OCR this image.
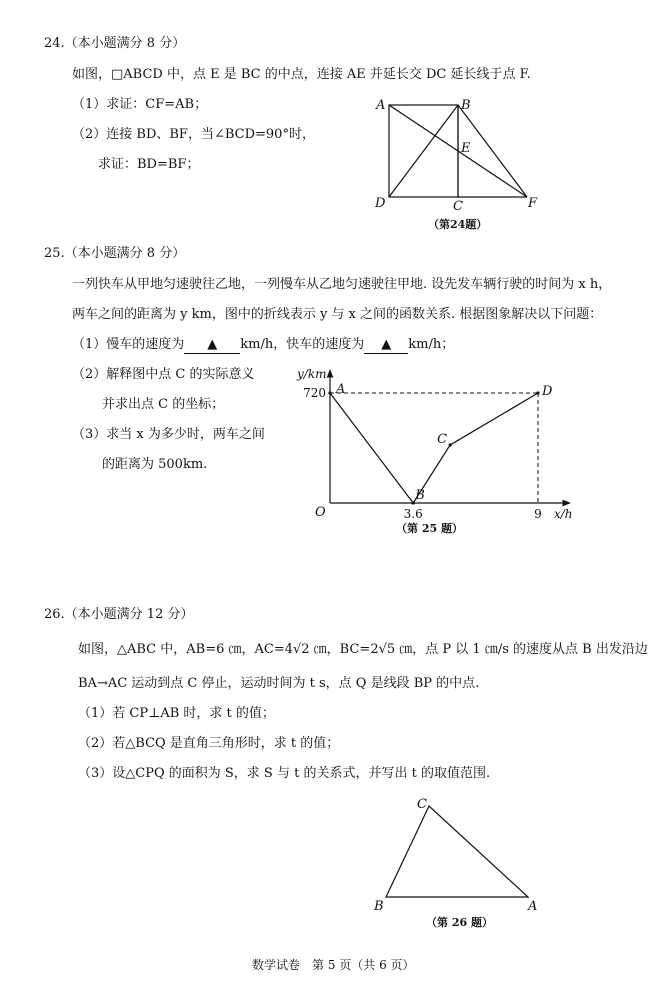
24.（本小题满分 8 分）
如图，□ABCD 中，点 E 是 BC 的中点，连接 AE 并延长交 DC 延长线于点 F.
（1）求证：CF=AB；
（2）连接 BD、BF，当∠BCD=90°时，
求证：BD=BF；
A	B
E
D	C	F
（第24题）
25.（本小题满分 8 分）
一列快车从甲地匀速驶往乙地，一列慢车从乙地匀速驶往甲地. 设先发车辆行驶的时间为 x h，
两车之间的距离为 y km，图中的折线表示 y 与 x 之间的函数关系. 根据图象解决以下问题：
（1）慢车的速度为 ▲ km/h，快车的速度为 ▲ km/h；
（2）解释图中点 C 的实际意义
并求出点 C 的坐标；
（3）求当 x 为多少时，两车之间
的距离为 500km.
y/km
x/h
O
A
B
C
D
3.6	9
720
（第 25 题）
26.（本小题满分 12 分）
如图，△ABC 中，AB=6 ㎝，AC=4√2 ㎝，BC=2√5 ㎝，点 P 以 1 ㎝/s 的速度从点 B 出发沿边
BA→AC 运动到点 C 停止，运动时间为 t s，点 Q 是线段 BP 的中点.
（1）若 CP⊥AB 时，求 t 的值；
（2）若△BCQ 是直角三角形时，求 t 的值；
（3）设△CPQ 的面积为 S，求 S 与 t 的关系式，并写出 t 的取值范围.
C
B	A
（第 26 题）
数学试卷　第 5 页（共 6 页）
